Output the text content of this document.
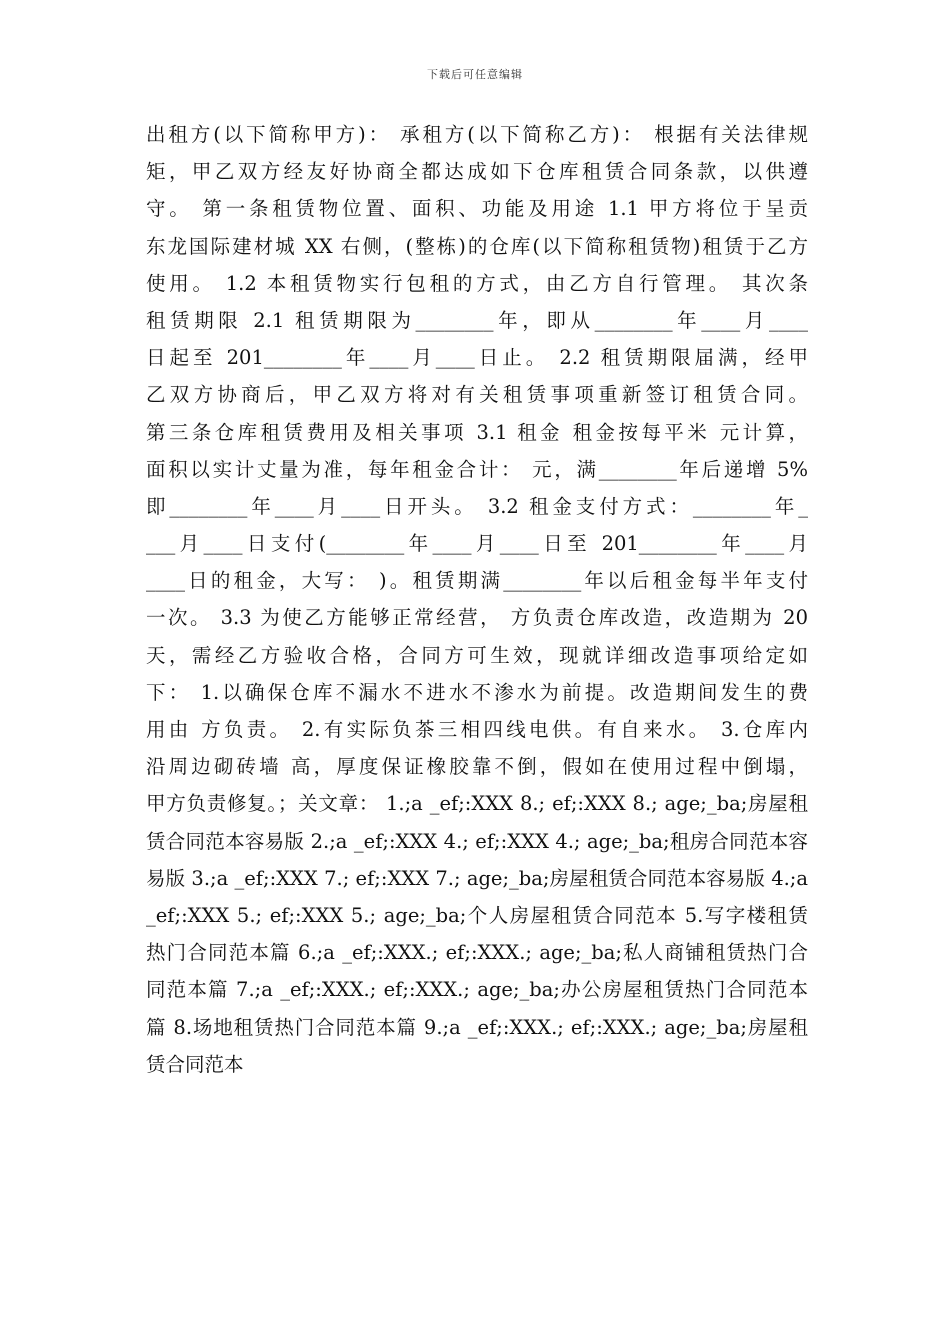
下载后可任意编辑
出租方(以下简称甲方)： 承租方(以下简称乙方)： 根据有关法律规
矩，甲乙双方经友好协商全都达成如下仓库租赁合同条款，以供遵
守。 第一条租赁物位置、面积、功能及用途 1.1 甲方将位于呈贡
东龙国际建材城 XX 右侧，(整栋)的仓库(以下简称租赁物)租赁于乙方
使用。 1.2 本租赁物实行包租的方式，由乙方自行管理。 其次条
租赁期限 2.1 租赁期限为________年，即从________年____月____
日起至 201________年____月____日止。 2.2 租赁期限届满，经甲
乙双方协商后，甲乙双方将对有关租赁事项重新签订租赁合同。
第三条仓库租赁费用及相关事项 3.1 租金 租金按每平米 元计算，
面积以实计丈量为准，每年租金合计： 元，满________年后递增 5%
即________年____月____日开头。 3.2 租金支付方式：________年_
___月____日支付(________年____月____日至 201________年____月
____日的租金，大写： )。租赁期满________年以后租金每半年支付
一次。 3.3 为使乙方能够正常经营， 方负责仓库改造，改造期为 20
天，需经乙方验收合格，合同方可生效，现就详细改造事项给定如
下： 1.以确保仓库不漏水不进水不渗水为前提。改造期间发生的费
用由 方负责。 2.有实际负茶三相四线电供。有自来水。 3.仓库内
沿周边砌砖墙 高，厚度保证橡胶靠不倒，假如在使用过程中倒塌，
甲方负责修复。；关文章： 1.;a _ef;:XXX 8.; ef;:XXX 8.; age;_ba;房屋租
赁合同范本容易版 2.;a _ef;:XXX 4.; ef;:XXX 4.; age;_ba;租房合同范本容
易版 3.;a _ef;:XXX 7.; ef;:XXX 7.; age;_ba;房屋租赁合同范本容易版 4.;a
_ef;:XXX 5.; ef;:XXX 5.; age;_ba;个人房屋租赁合同范本 5.写字楼租赁
热门合同范本篇 6.;a _ef;:XXX.; ef;:XXX.; age;_ba;私人商铺租赁热门合
同范本篇 7.;a _ef;:XXX.; ef;:XXX.; age;_ba;办公房屋租赁热门合同范本
篇 8.场地租赁热门合同范本篇 9.;a _ef;:XXX.; ef;:XXX.; age;_ba;房屋租
赁合同范本
